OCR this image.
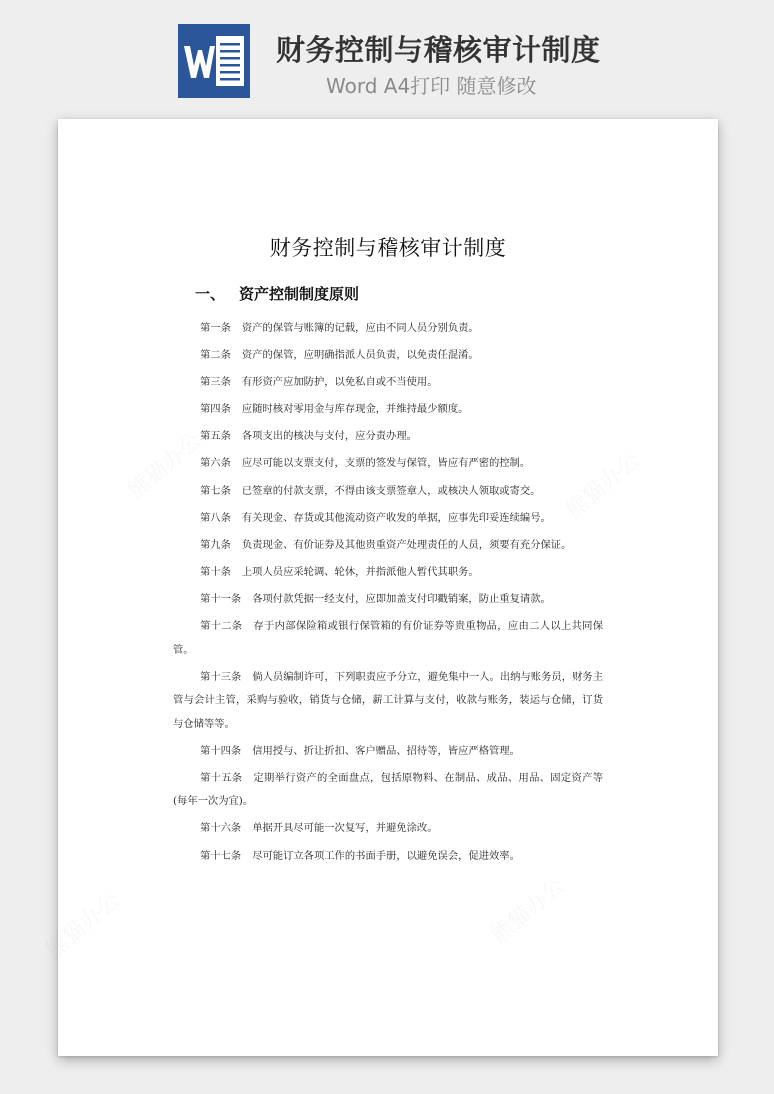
财务控制与稽核审计制度
Word A4打印 随意修改
熊猫办公	熊猫办公
熊猫办公	熊猫办公
财务控制与稽核审计制度
一、 资产控制制度原则

第一条 资产的保管与账簿的记载，应由不同人员分别负责。

第二条 资产的保管，应明确指派人员负责，以免责任混淆。

第三条 有形资产应加防护，以免私自或不当使用。

第四条 应随时核对零用金与库存现金，并维持最少额度。

第五条 各项支出的核决与支付，应分责办理。

第六条 应尽可能以支票支付，支票的签发与保管，皆应有严密的控制。

第七条 已签章的付款支票，不得由该支票签章人，或核决人领取或寄交。

第八条 有关现金、存货或其他流动资产收发的单据，应事先印妥连续编号。

第九条 负责现金、有价证券及其他贵重资产处理责任的人员，须要有充分保证。

第十条 上项人员应采轮调、轮休，并指派他人暂代其职务。

第十一条 各项付款凭据一经支付，应即加盖支付印戳销案，防止重复请款。

第十二条 存于内部保险箱或银行保管箱的有价证券等贵重物品，应由二人以上共同保管。

第十三条 倘人员编制许可，下列职责应予分立，避免集中一人。出纳与账务员，财务主管与会计主管，采购与验收，销货与仓储，薪工计算与支付，收款与账务，装运与仓储，订货与仓储等等。

第十四条 信用授与、折让折扣、客户赠品、招待等，皆应严格管理。

第十五条 定期举行资产的全面盘点，包括原物料、在制品、成品、用品、固定资产等(每年一次为宜)。

第十六条 单据开具尽可能一次复写，并避免涂改。

第十七条 尽可能订立各项工作的书面手册，以避免误会，促进效率。
